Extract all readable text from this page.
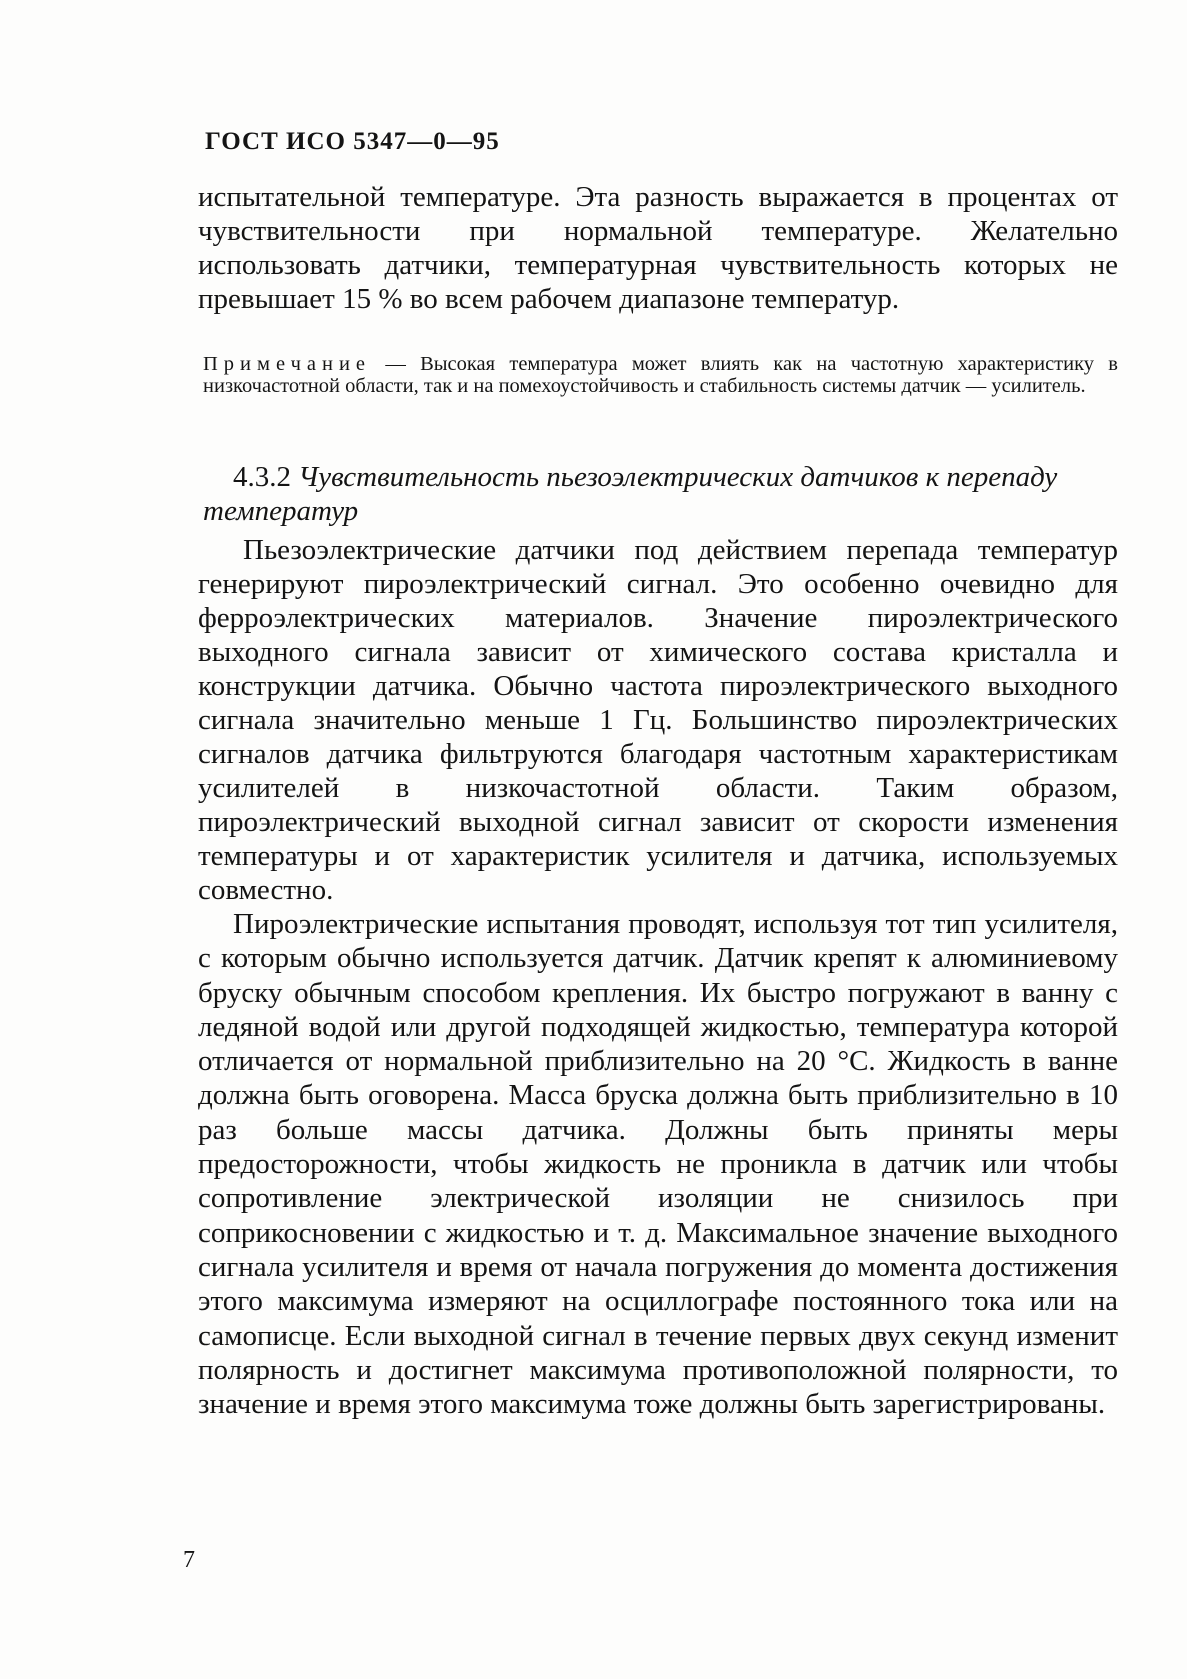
ГОСТ ИСО 5347—0—95

испытательной температуре. Эта разность выражается в процентах от чувствительности при нормальной температуре. Желательно использовать датчики, температурная чувствительность которых не превышает 15 % во всем рабочем диапазоне температур.

Примечание — Высокая температура может влиять как на частотную характеристику в низкочастотной области, так и на помехоустойчивость и стабильность системы датчик — усилитель.

4.3.2 Чувствительность пьезоэлектрических датчиков к перепаду температур

Пьезоэлектрические датчики под действием перепада температур генерируют пироэлектрический сигнал. Это особенно очевидно для ферроэлектрических материалов. Значение пироэлектрического выходного сигнала зависит от химического состава кристалла и конструкции датчика. Обычно частота пироэлектрического выходного сигнала значительно меньше 1 Гц. Большинство пироэлектрических сигналов датчика фильтруются благодаря частотным характеристикам усилителей в низкочастотной области. Таким образом, пироэлектрический выходной сигнал зависит от скорости изменения температуры и от характеристик усилителя и датчика, используемых совместно.

Пироэлектрические испытания проводят, используя тот тип усилителя, с которым обычно используется датчик. Датчик крепят к алюминиевому бруску обычным способом крепления. Их быстро погружают в ванну с ледяной водой или другой подходящей жидкостью, температура которой отличается от нормальной приблизительно на 20 °С. Жидкость в ванне должна быть оговорена. Масса бруска должна быть приблизительно в 10 раз больше массы датчика. Должны быть приняты меры предосторожности, чтобы жидкость не проникла в датчик или чтобы сопротивление электрической изоляции не снизилось при соприкосновении с жидкостью и т. д. Максимальное значение выходного сигнала усилителя и время от начала погружения до момента достижения этого максимума измеряют на осциллографе постоянного тока или на самописце. Если выходной сигнал в течение первых двух секунд изменит полярность и достигнет максимума противоположной полярности, то значение и время этого максимума тоже должны быть зарегистрированы.

7
